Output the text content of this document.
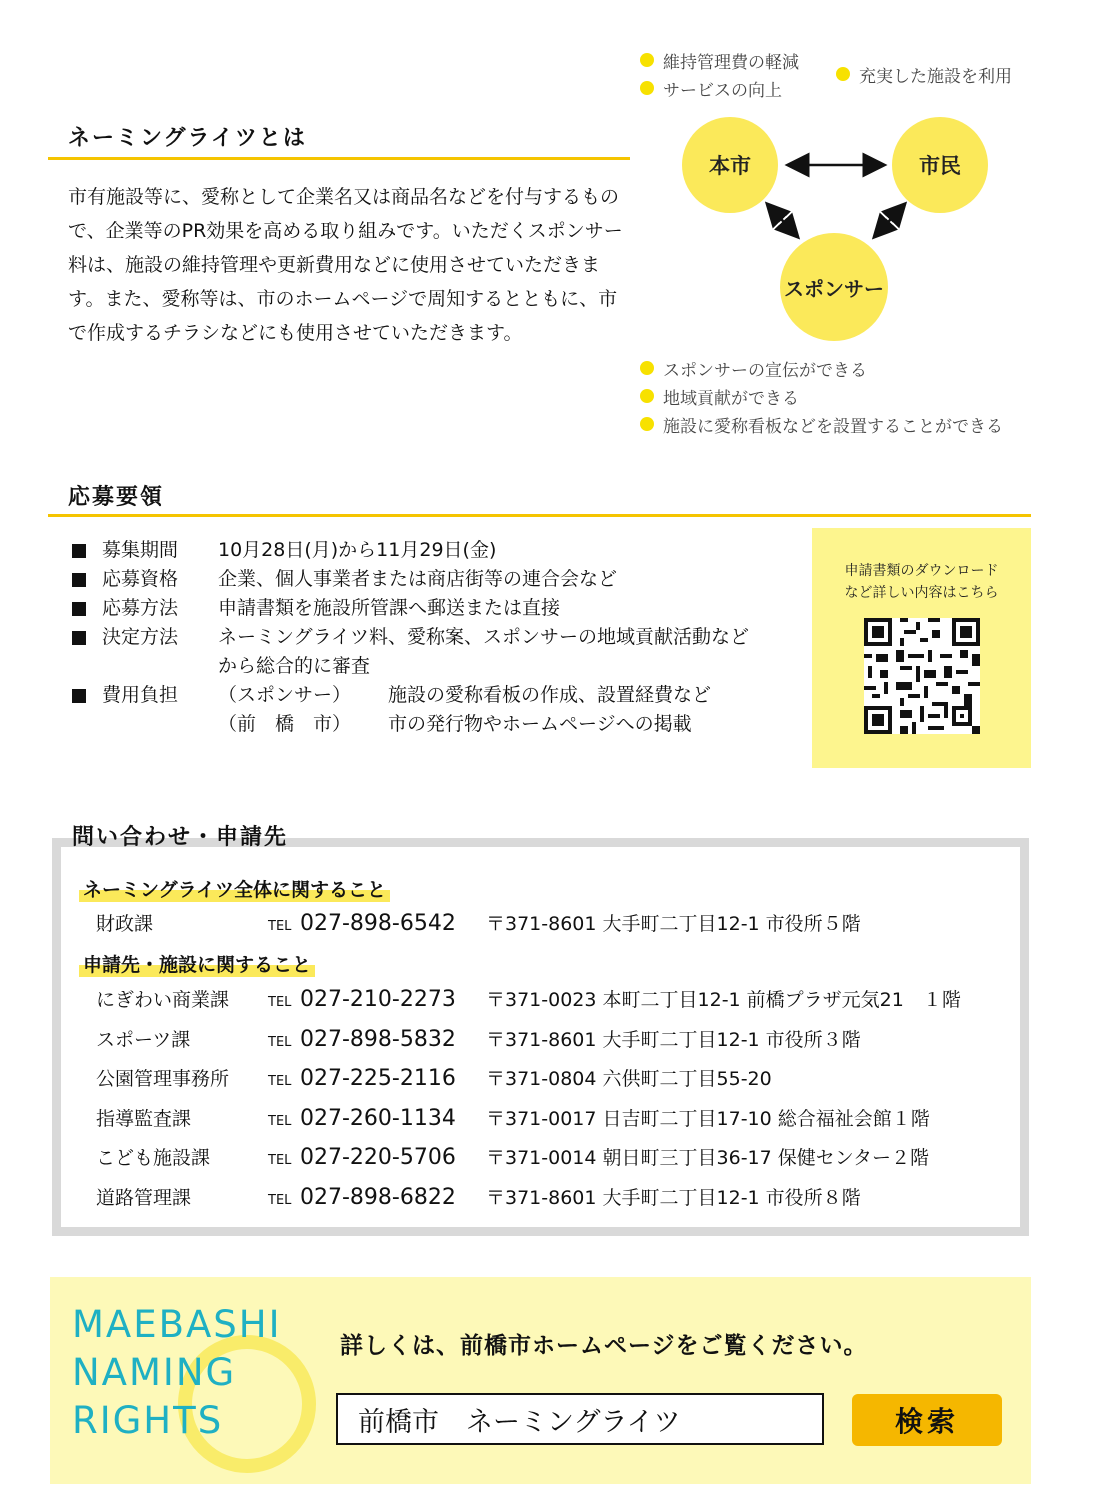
ネーミングライツとは
市有施設等に、愛称として企業名又は商品名などを付与するもので、企業等のPR効果を高める取り組みです。いただくスポンサー料は、施設の維持管理や更新費用などに使用させていただきます。また、愛称等は、市のホームページで周知するとともに、市で作成するチラシなどにも使用させていただきます。
維持管理費の軽減
サービスの向上
充実した施設を利用
本市	市民
スポンサー
スポンサーの宣伝ができる
地域貢献ができる
施設に愛称看板などを設置することができる
応募要領
募集期間	10月28日(月)から11月29日(金)
応募資格	企業、個人事業者または商店街等の連合会など
応募方法	申請書類を施設所管課へ郵送または直接
決定方法	ネーミングライツ料、愛称案、スポンサーの地域貢献活動など
から総合的に審査
費用負担	（スポンサー）	施設の愛称看板の作成、設置経費など
（前　橋　市）	市の発行物やホームページへの掲載
申請書類のダウンロード
など詳しい内容はこちら
問い合わせ・申請先
ネーミングライツ全体に関すること
財政課	TEL 027-898-6542	〒371-8601 大手町二丁目12-1 市役所５階
申請先・施設に関すること
にぎわい商業課	TEL 027-210-2273	〒371-0023 本町二丁目12-1 前橋プラザ元気21　１階
スポーツ課	TEL 027-898-5832	〒371-8601 大手町二丁目12-1 市役所３階
公園管理事務所	TEL 027-225-2116	〒371-0804 六供町二丁目55-20
指導監査課	TEL 027-260-1134	〒371-0017 日吉町二丁目17-10 総合福祉会館１階
こども施設課	TEL 027-220-5706	〒371-0014 朝日町三丁目36-17 保健センター２階
道路管理課	TEL 027-898-6822	〒371-8601 大手町二丁目12-1 市役所８階
MAEBASHI
NAMING
RIGHTS
詳しくは、前橋市ホームページをご覧ください。
前橋市　ネーミングライツ	検索
